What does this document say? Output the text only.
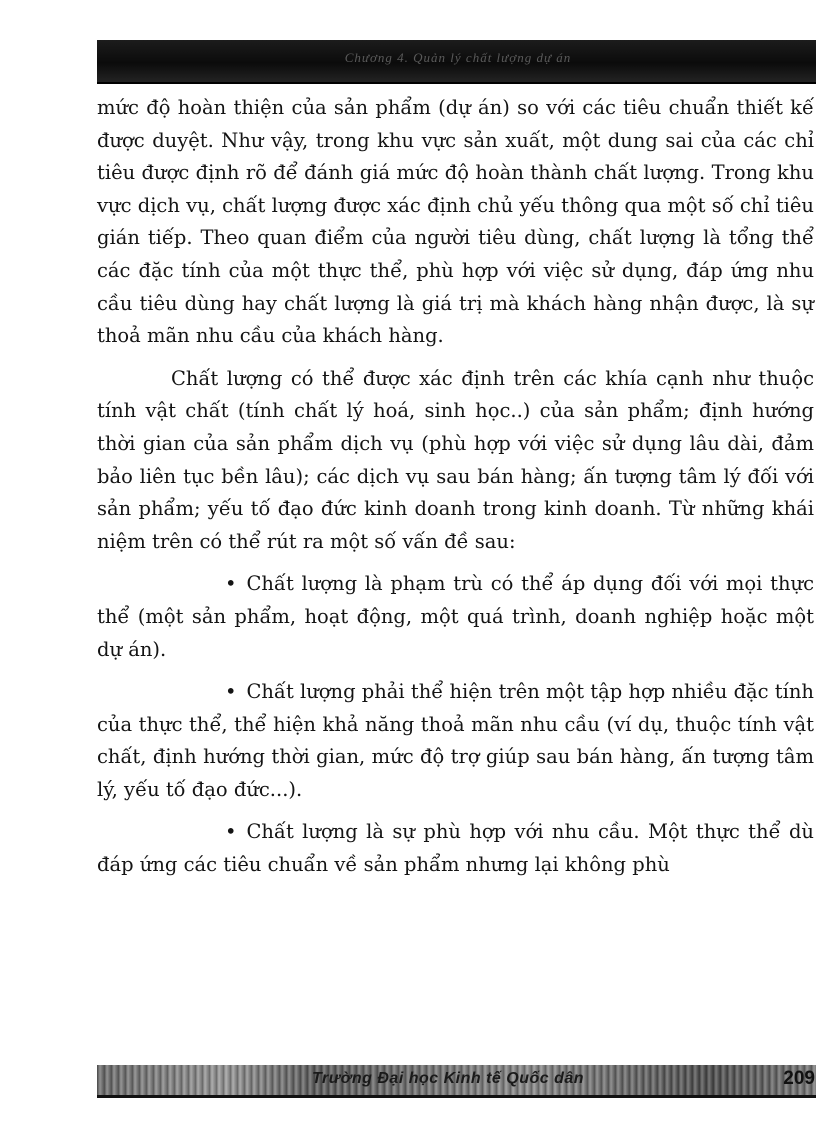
Chương 4. Quản lý chất lượng dự án

mức độ hoàn thiện của sản phẩm (dự án) so với các tiêu chuẩn thiết kế được duyệt. Như vậy, trong khu vực sản xuất, một dung sai của các chỉ tiêu được định rõ để đánh giá mức độ hoàn thành chất lượng. Trong khu vực dịch vụ, chất lượng được xác định chủ yếu thông qua một số chỉ tiêu gián tiếp. Theo quan điểm của người tiêu dùng, chất lượng là tổng thể các đặc tính của một thực thể, phù hợp với việc sử dụng, đáp ứng nhu cầu tiêu dùng hay chất lượng là giá trị mà khách hàng nhận được, là sự thoả mãn nhu cầu của khách hàng.

Chất lượng có thể được xác định trên các khía cạnh như thuộc tính vật chất (tính chất lý hoá, sinh học..) của sản phẩm; định hướng thời gian của sản phẩm dịch vụ (phù hợp với việc sử dụng lâu dài, đảm bảo liên tục bền lâu); các dịch vụ sau bán hàng; ấn tượng tâm lý đối với sản phẩm; yếu tố đạo đức kinh doanh trong kinh doanh. Từ những khái niệm trên có thể rút ra một số vấn đề sau:

• Chất lượng là phạm trù có thể áp dụng đối với mọi thực thể (một sản phẩm, hoạt động, một quá trình, doanh nghiệp hoặc một dự án).

• Chất lượng phải thể hiện trên một tập hợp nhiều đặc tính của thực thể, thể hiện khả năng thoả mãn nhu cầu (ví dụ, thuộc tính vật chất, định hướng thời gian, mức độ trợ giúp sau bán hàng, ấn tượng tâm lý, yếu tố đạo đức...).

• Chất lượng là sự phù hợp với nhu cầu. Một thực thể dù đáp ứng các tiêu chuẩn về sản phẩm nhưng lại không phù

Trường Đại học Kinh tế Quốc dân	209
